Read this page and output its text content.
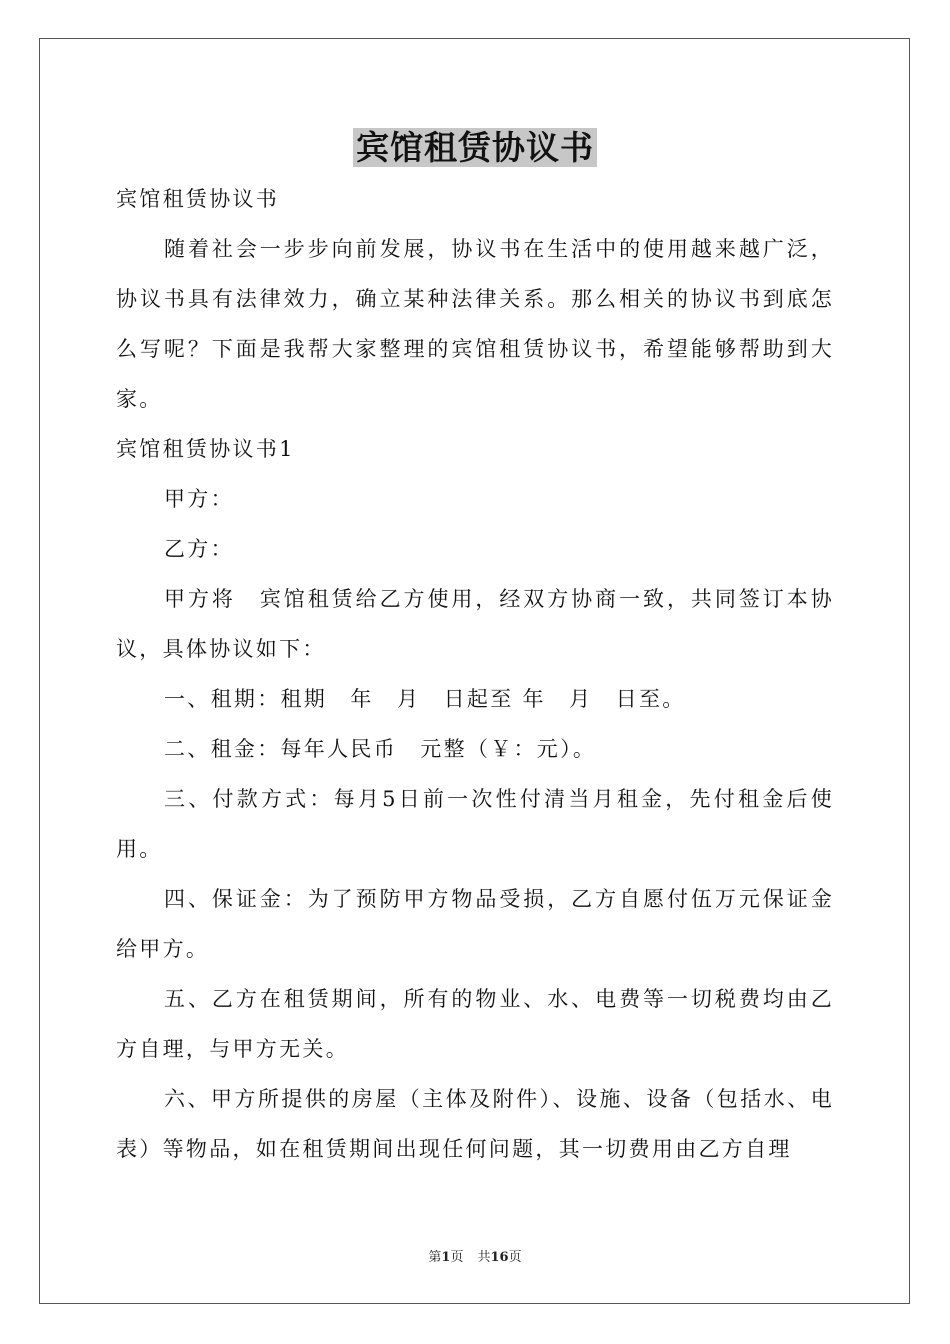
宾馆租赁协议书

宾馆租赁协议书

随着社会一步步向前发展，协议书在生活中的使用越来越广泛，协议书具有法律效力，确立某种法律关系。那么相关的协议书到底怎么写呢？下面是我帮大家整理的宾馆租赁协议书，希望能够帮助到大家。

宾馆租赁协议书1

甲方：

乙方：

甲方将　宾馆租赁给乙方使用，经双方协商一致，共同签订本协议，具体协议如下：

一、租期：租期　年　月　日起至 年　月　日至。

二、租金：每年人民币　元整（￥：元）。

三、付款方式：每月5日前一次性付清当月租金，先付租金后使用。

四、保证金：为了预防甲方物品受损，乙方自愿付伍万元保证金给甲方。

五、乙方在租赁期间，所有的物业、水、电费等一切税费均由乙方自理，与甲方无关。

六、甲方所提供的房屋（主体及附件）、设施、设备（包括水、电表）等物品，如在租赁期间出现任何问题，其一切费用由乙方自理

第1页 共16页
